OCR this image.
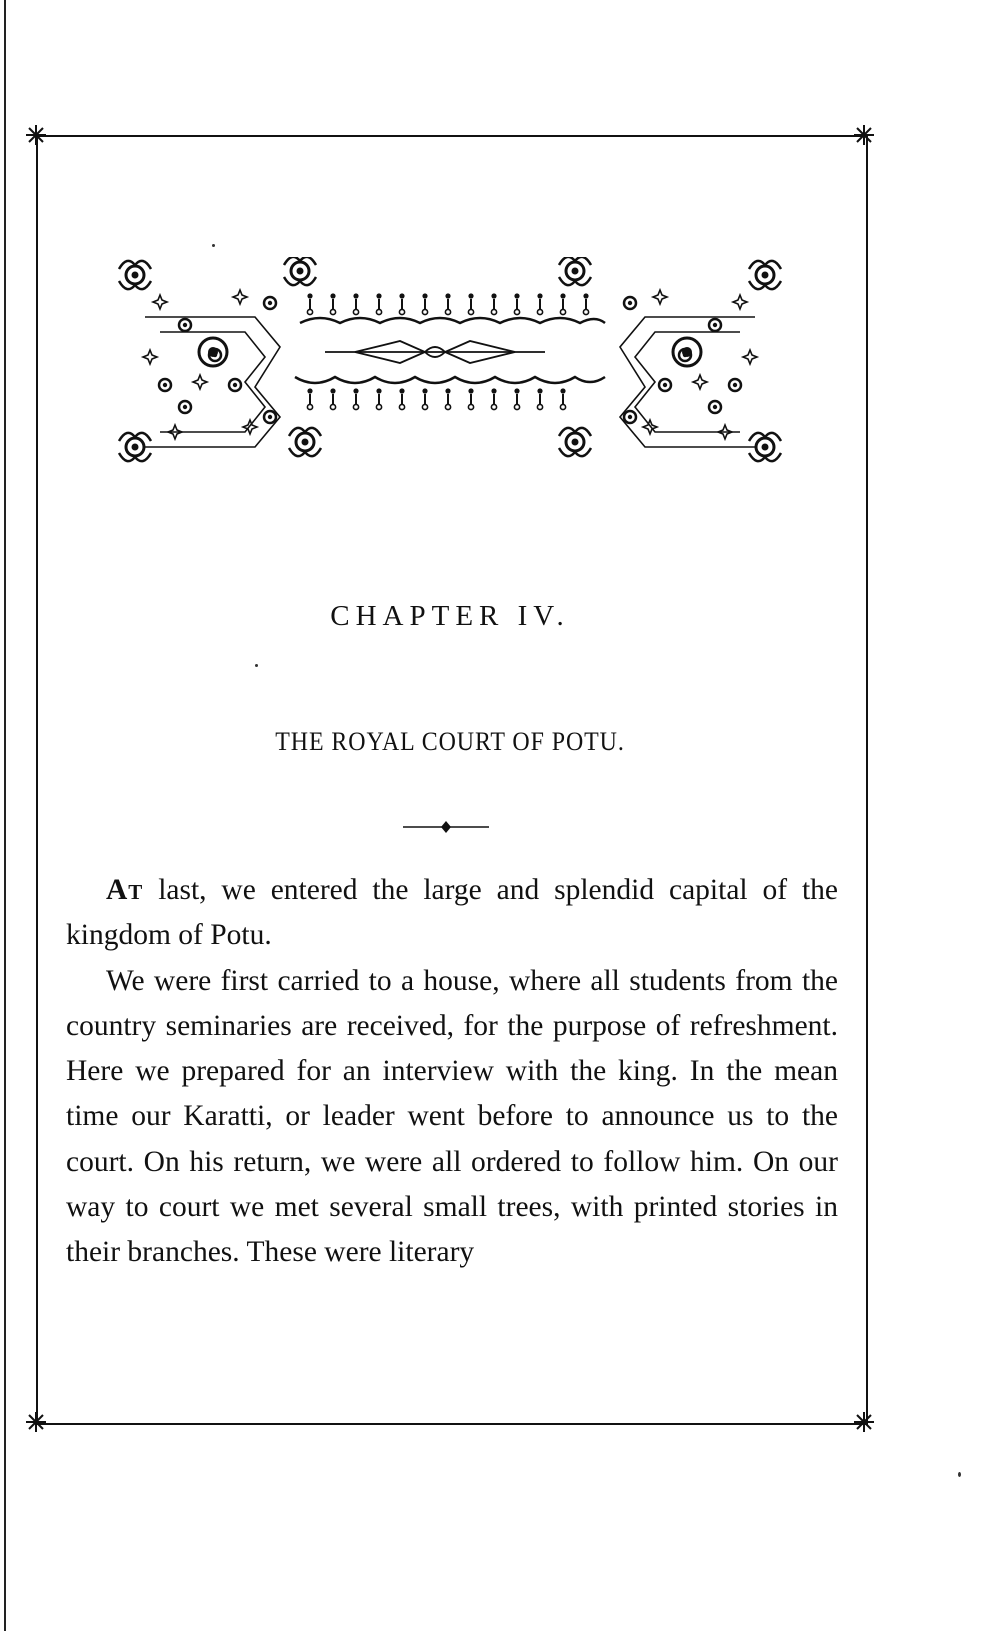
CHAPTER IV.
THE ROYAL COURT OF POTU.

At last, we entered the large and splendid capital of the kingdom of Potu.

We were first carried to a house, where all students from the country seminaries are received, for the purpose of refreshment. Here we prepared for an interview with the king. In the mean time our Karatti, or leader went before to announce us to the court. On his return, we were all ordered to follow him. On our way to court we met several small trees, with printed stories in their branches. These were literary
